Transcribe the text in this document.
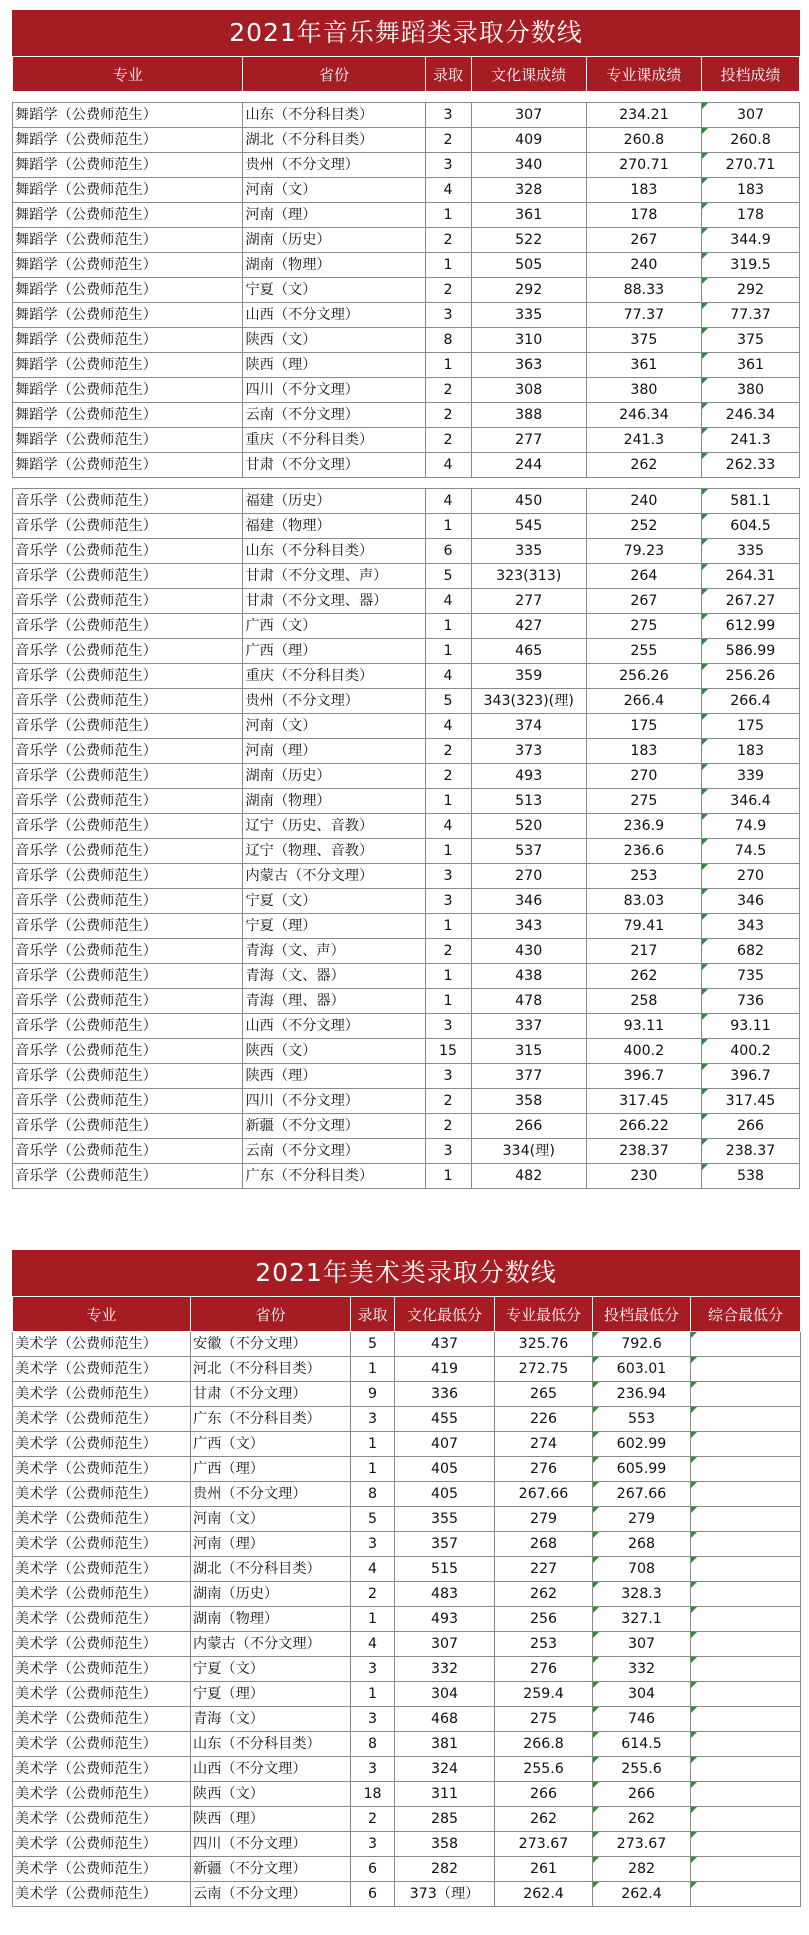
2021年音乐舞蹈类录取分数线
专业	省份	录取	文化课成绩	专业课成绩	投档成绩

舞蹈学（公费师范生）	山东（不分科目类）	3	307	234.21	307
舞蹈学（公费师范生）	湖北（不分科目类）	2	409	260.8	260.8
舞蹈学（公费师范生）	贵州（不分文理）	3	340	270.71	270.71
舞蹈学（公费师范生）	河南（文）	4	328	183	183
舞蹈学（公费师范生）	河南（理）	1	361	178	178
舞蹈学（公费师范生）	湖南（历史）	2	522	267	344.9
舞蹈学（公费师范生）	湖南（物理）	1	505	240	319.5
舞蹈学（公费师范生）	宁夏（文）	2	292	88.33	292
舞蹈学（公费师范生）	山西（不分文理）	3	335	77.37	77.37
舞蹈学（公费师范生）	陕西（文）	8	310	375	375
舞蹈学（公费师范生）	陕西（理）	1	363	361	361
舞蹈学（公费师范生）	四川（不分文理）	2	308	380	380
舞蹈学（公费师范生）	云南（不分文理）	2	388	246.34	246.34
舞蹈学（公费师范生）	重庆（不分科目类）	2	277	241.3	241.3
舞蹈学（公费师范生）	甘肃（不分文理）	4	244	262	262.33

音乐学（公费师范生）	福建（历史）	4	450	240	581.1
音乐学（公费师范生）	福建（物理）	1	545	252	604.5
音乐学（公费师范生）	山东（不分科目类）	6	335	79.23	335
音乐学（公费师范生）	甘肃（不分文理、声）	5	323(313)	264	264.31
音乐学（公费师范生）	甘肃（不分文理、器）	4	277	267	267.27
音乐学（公费师范生）	广西（文）	1	427	275	612.99
音乐学（公费师范生）	广西（理）	1	465	255	586.99
音乐学（公费师范生）	重庆（不分科目类）	4	359	256.26	256.26
音乐学（公费师范生）	贵州（不分文理）	5	343(323)(理)	266.4	266.4
音乐学（公费师范生）	河南（文）	4	374	175	175
音乐学（公费师范生）	河南（理）	2	373	183	183
音乐学（公费师范生）	湖南（历史）	2	493	270	339
音乐学（公费师范生）	湖南（物理）	1	513	275	346.4
音乐学（公费师范生）	辽宁（历史、音教）	4	520	236.9	74.9
音乐学（公费师范生）	辽宁（物理、音教）	1	537	236.6	74.5
音乐学（公费师范生）	内蒙古（不分文理）	3	270	253	270
音乐学（公费师范生）	宁夏（文）	3	346	83.03	346
音乐学（公费师范生）	宁夏（理）	1	343	79.41	343
音乐学（公费师范生）	青海（文、声）	2	430	217	682
音乐学（公费师范生）	青海（文、器）	1	438	262	735
音乐学（公费师范生）	青海（理、器）	1	478	258	736
音乐学（公费师范生）	山西（不分文理）	3	337	93.11	93.11
音乐学（公费师范生）	陕西（文）	15	315	400.2	400.2
音乐学（公费师范生）	陕西（理）	3	377	396.7	396.7
音乐学（公费师范生）	四川（不分文理）	2	358	317.45	317.45
音乐学（公费师范生）	新疆（不分文理）	2	266	266.22	266
音乐学（公费师范生）	云南（不分文理）	3	334(理)	238.37	238.37
音乐学（公费师范生）	广东（不分科目类）	1	482	230	538
2021年美术类录取分数线
专业	省份	录取	文化最低分	专业最低分	投档最低分	综合最低分
美术学（公费师范生）	安徽（不分文理）	5	437	325.76	792.6	
美术学（公费师范生）	河北（不分科目类）	1	419	272.75	603.01	
美术学（公费师范生）	甘肃（不分文理）	9	336	265	236.94	
美术学（公费师范生）	广东（不分科目类）	3	455	226	553	
美术学（公费师范生）	广西（文）	1	407	274	602.99	
美术学（公费师范生）	广西（理）	1	405	276	605.99	
美术学（公费师范生）	贵州（不分文理）	8	405	267.66	267.66	
美术学（公费师范生）	河南（文）	5	355	279	279	
美术学（公费师范生）	河南（理）	3	357	268	268	
美术学（公费师范生）	湖北（不分科目类）	4	515	227	708	
美术学（公费师范生）	湖南（历史）	2	483	262	328.3	
美术学（公费师范生）	湖南（物理）	1	493	256	327.1	
美术学（公费师范生）	内蒙古（不分文理）	4	307	253	307	
美术学（公费师范生）	宁夏（文）	3	332	276	332	
美术学（公费师范生）	宁夏（理）	1	304	259.4	304	
美术学（公费师范生）	青海（文）	3	468	275	746	
美术学（公费师范生）	山东（不分科目类）	8	381	266.8	614.5	
美术学（公费师范生）	山西（不分文理）	3	324	255.6	255.6	
美术学（公费师范生）	陕西（文）	18	311	266	266	
美术学（公费师范生）	陕西（理）	2	285	262	262	
美术学（公费师范生）	四川（不分文理）	3	358	273.67	273.67	
美术学（公费师范生）	新疆（不分文理）	6	282	261	282	
美术学（公费师范生）	云南（不分文理）	6	373（理）	262.4	262.4	
